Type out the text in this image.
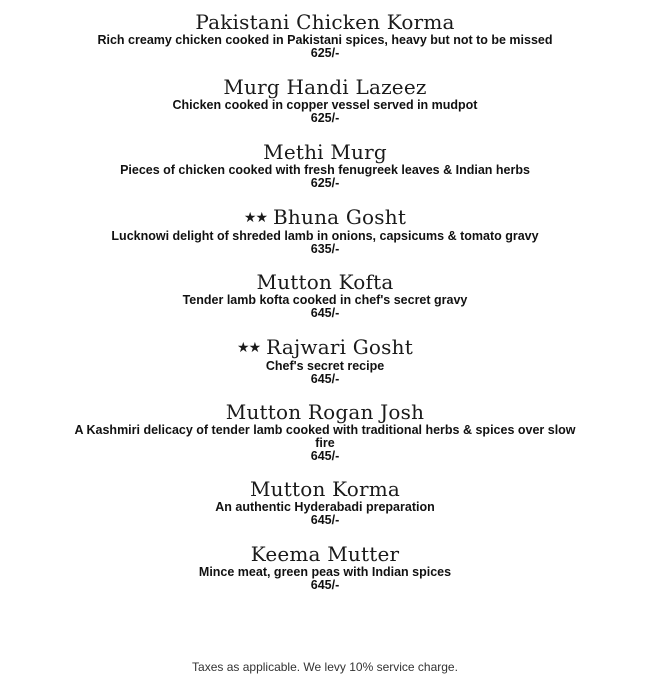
Pakistani Chicken Korma
Rich creamy chicken cooked in Pakistani spices, heavy but not to be missed
625/-
Murg Handi Lazeez
Chicken cooked in copper vessel served in mudpot
625/-
Methi Murg
Pieces of chicken cooked with fresh fenugreek leaves & Indian herbs
625/-
★★ Bhuna Gosht
Lucknowi delight of shreded lamb in onions, capsicums & tomato gravy
635/-
Mutton Kofta
Tender lamb kofta cooked in chef's secret gravy
645/-
★★ Rajwari Gosht
Chef's secret recipe
645/-
Mutton Rogan Josh
A Kashmiri delicacy of tender lamb cooked with traditional herbs & spices over slow fire
645/-
Mutton Korma
An authentic Hyderabadi preparation
645/-
Keema Mutter
Mince meat, green peas with Indian spices
645/-
Taxes as applicable. We levy 10% service charge.
